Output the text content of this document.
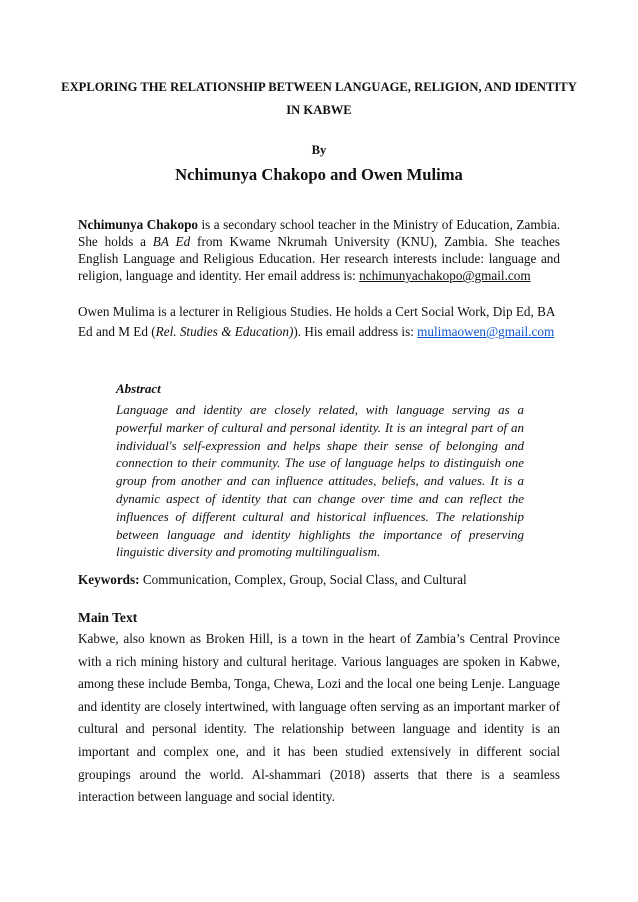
EXPLORING THE RELATIONSHIP BETWEEN LANGUAGE, RELIGION, AND IDENTITY IN KABWE
By
Nchimunya Chakopo and Owen Mulima
Nchimunya Chakopo is a secondary school teacher in the Ministry of Education, Zambia. She holds a BA Ed from Kwame Nkrumah University (KNU), Zambia. She teaches English Language and Religious Education. Her research interests include: language and religion, language and identity. Her email address is: nchimunyachakopo@gmail.com
Owen Mulima is a lecturer in Religious Studies. He holds a Cert Social Work, Dip Ed, BA Ed and M Ed (Rel. Studies & Education)). His email address is: mulimaowen@gmail.com
Abstract
Language and identity are closely related, with language serving as a powerful marker of cultural and personal identity. It is an integral part of an individual's self-expression and helps shape their sense of belonging and connection to their community. The use of language helps to distinguish one group from another and can influence attitudes, beliefs, and values. It is a dynamic aspect of identity that can change over time and can reflect the influences of different cultural and historical influences. The relationship between language and identity highlights the importance of preserving linguistic diversity and promoting multilingualism.
Keywords: Communication, Complex, Group, Social Class, and Cultural
Main Text
Kabwe, also known as Broken Hill, is a town in the heart of Zambia’s Central Province with a rich mining history and cultural heritage. Various languages are spoken in Kabwe, among these include Bemba, Tonga, Chewa, Lozi and the local one being Lenje. Language and identity are closely intertwined, with language often serving as an important marker of cultural and personal identity. The relationship between language and identity is an important and complex one, and it has been studied extensively in different social groupings around the world. Al-shammari (2018) asserts that there is a seamless interaction between language and social identity.
